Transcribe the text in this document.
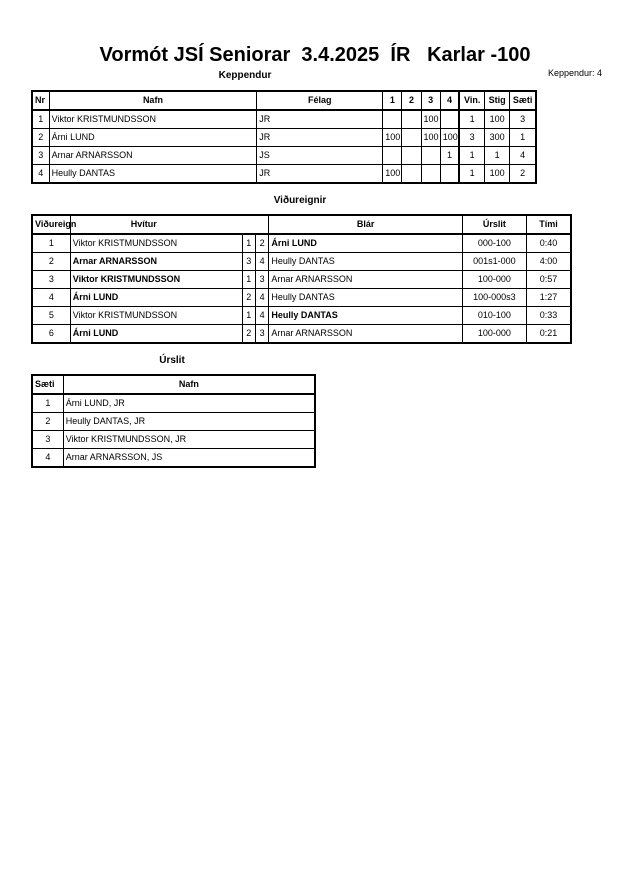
Vormót JSÍ Seniorar  3.4.2025  ÍR   Karlar -100
Keppendur: 4
Keppendur
Nr	Nafn	Félag	1	2	3	4	Vin.	Stig	Sæti
1	Viktor KRISTMUNDSSON	JR			100		1	100	3
2	Árni LUND	JR	100		100	100	3	300	1
3	Arnar ARNARSSON	JS				1	1	1	4
4	Heully DANTAS	JR	100				1	100	2
Viðureignir
Viðureign	Hvítur			Blár	Úrslit	Tími
1	Viktor KRISTMUNDSSON	1	2	Árni LUND	000-100	0:40
2	Arnar ARNARSSON	3	4	Heully DANTAS	001s1-000	4:00
3	Viktor KRISTMUNDSSON	1	3	Arnar ARNARSSON	100-000	0:57
4	Árni LUND	2	4	Heully DANTAS	100-000s3	1:27
5	Viktor KRISTMUNDSSON	1	4	Heully DANTAS	010-100	0:33
6	Árni LUND	2	3	Arnar ARNARSSON	100-000	0:21
Úrslit
Sæti	Nafn
1	Árni LUND, JR
2	Heully DANTAS, JR
3	Viktor KRISTMUNDSSON, JR
4	Arnar ARNARSSON, JS
